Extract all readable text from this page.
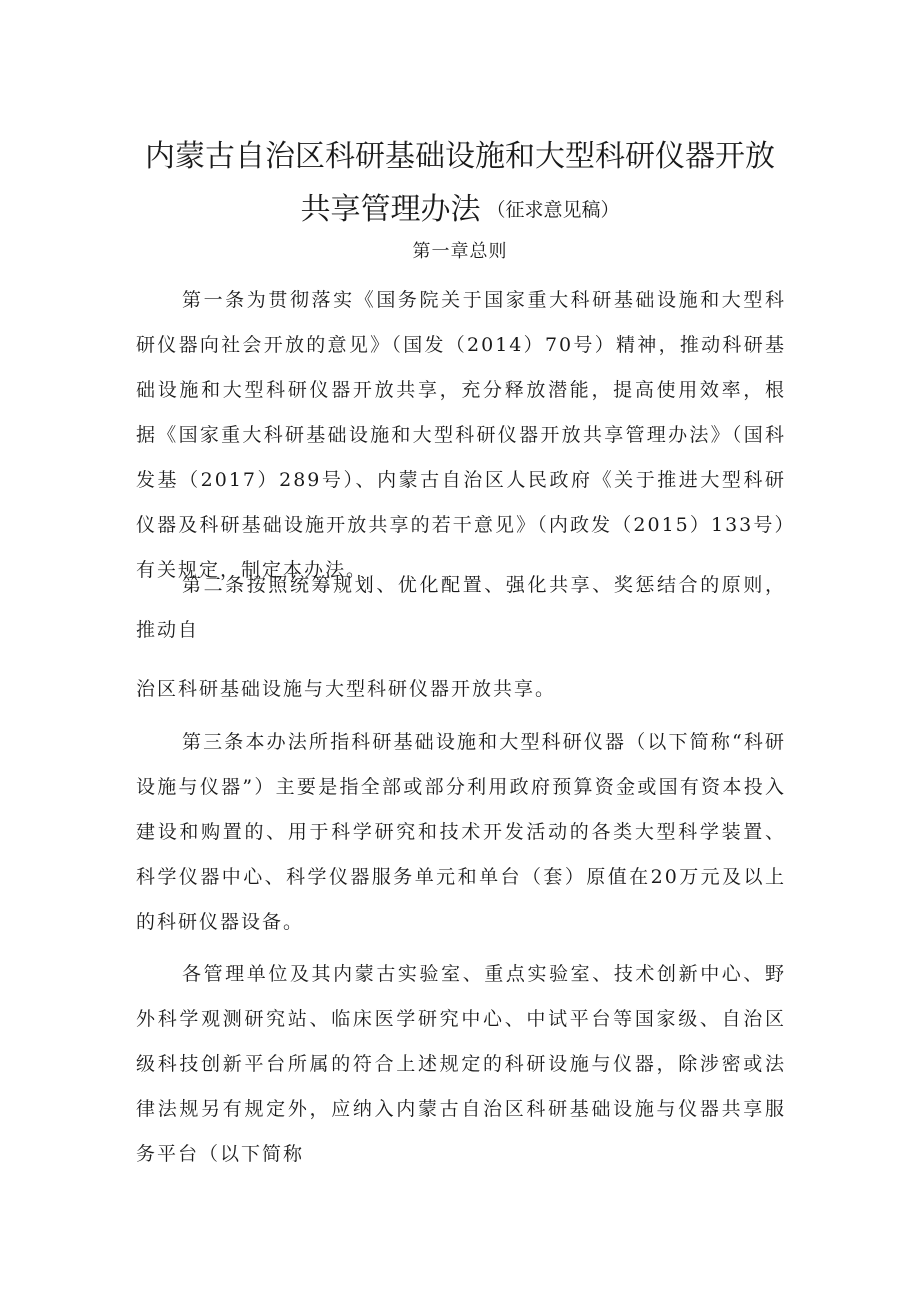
内蒙古自治区科研基础设施和大型科研仪器开放
共享管理办法 （征求意见稿）
第一章总则

第一条为贯彻落实《国务院关于国家重大科研基础设施和大型科研仪器向社会开放的意见》（国发（2014）70号）精神，推动科研基础设施和大型科研仪器开放共享，充分释放潜能，提高使用效率，根据《国家重大科研基础设施和大型科研仪器开放共享管理办法》（国科发基（2017）289号）、内蒙古自治区人民政府《关于推进大型科研仪器及科研基础设施开放共享的若干意见》（内政发（2015）133号）有关规定，制定本办法。

第二条按照统筹规划、优化配置、强化共享、奖惩结合的原则，推动自

治区科研基础设施与大型科研仪器开放共享。

第三条本办法所指科研基础设施和大型科研仪器（以下简称“科研设施与仪器”）主要是指全部或部分利用政府预算资金或国有资本投入建设和购置的、用于科学研究和技术开发活动的各类大型科学装置、科学仪器中心、科学仪器服务单元和单台（套）原值在20万元及以上的科研仪器设备。

各管理单位及其内蒙古实验室、重点实验室、技术创新中心、野外科学观测研究站、临床医学研究中心、中试平台等国家级、自治区级科技创新平台所属的符合上述规定的科研设施与仪器，除涉密或法律法规另有规定外，应纳入内蒙古自治区科研基础设施与仪器共享服务平台（以下简称
